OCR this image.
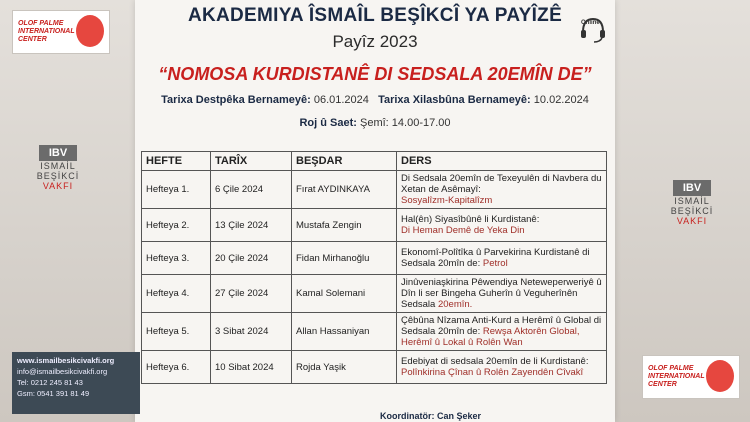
OLOF PALME INTERNATIONAL CENTER
IBV
ISMAİL
BEŞİKCİ
VAKFI	IBV
ISMAİL
BEŞİKCİ
VAKFI
OLOF PALME INTERNATIONAL CENTER
AKADEMIYA ÎSMAÎL BEŞÎKCÎ YA PAYÎZÊ
Payîz 2023
Online
“NOMOSA KURDISTANÊ DI SEDSALA 20EMÎN DE”
Tarixa Destpêka Bernameyê: 06.01.2024 Tarixa Xilasbûna Bernameyê: 10.02.2024
Roj û Saet: Şemî: 14.00-17.00
HEFTE	TARÎX	BEŞDAR	DERS
Hefteya 1.	6 Çile 2024	Fırat AYDINKAYA	Di Sedsala 20emîn de Texeyulên di Navbera du Xetan de Asêmayî:
Sosyalîzm-Kapitalîzm
Hefteya 2.	13 Çile 2024	Mustafa Zengin	Hal(ên) Siyasîbûnê li Kurdistanê:
Di Heman Demê de Yeka Din
Hefteya 3.	20 Çile 2024	Fidan Mirhanoğlu	Ekonomî-Polîtîka û Parvekirina Kurdistanê di Sedsala 20mîn de: Petrol
Hefteya 4.	27 Çile 2024	Kamal Solemani	Jinûveniaşkirina Pêwendiya Neteweperweriyê û Dîn li ser Bingeha Guherîn û Veguherînên Sedsala 20emîn.
Hefteya 5.	3 Sibat 2024	Allan Hassaniyan	Çêbûna Nîzama Anti-Kurd a Herêmî û Global di Sedsala 20mîn de: Rewşa Aktorên Global, Herêmî û Lokal û Rolên Wan
Hefteya 6.	10 Sibat 2024	Rojda Yaşik	Edebiyat di sedsala 20emîn de li Kurdistanê:
Polînkirina Çînan û Rolên Zayendên Cîvakî
Koordinatör: Can Şeker
www.ismailbesikcivakfi.org
info@ismailbesikcivakfi.org
Tel: 0212 245 81 43
Gsm: 0541 391 81 49
